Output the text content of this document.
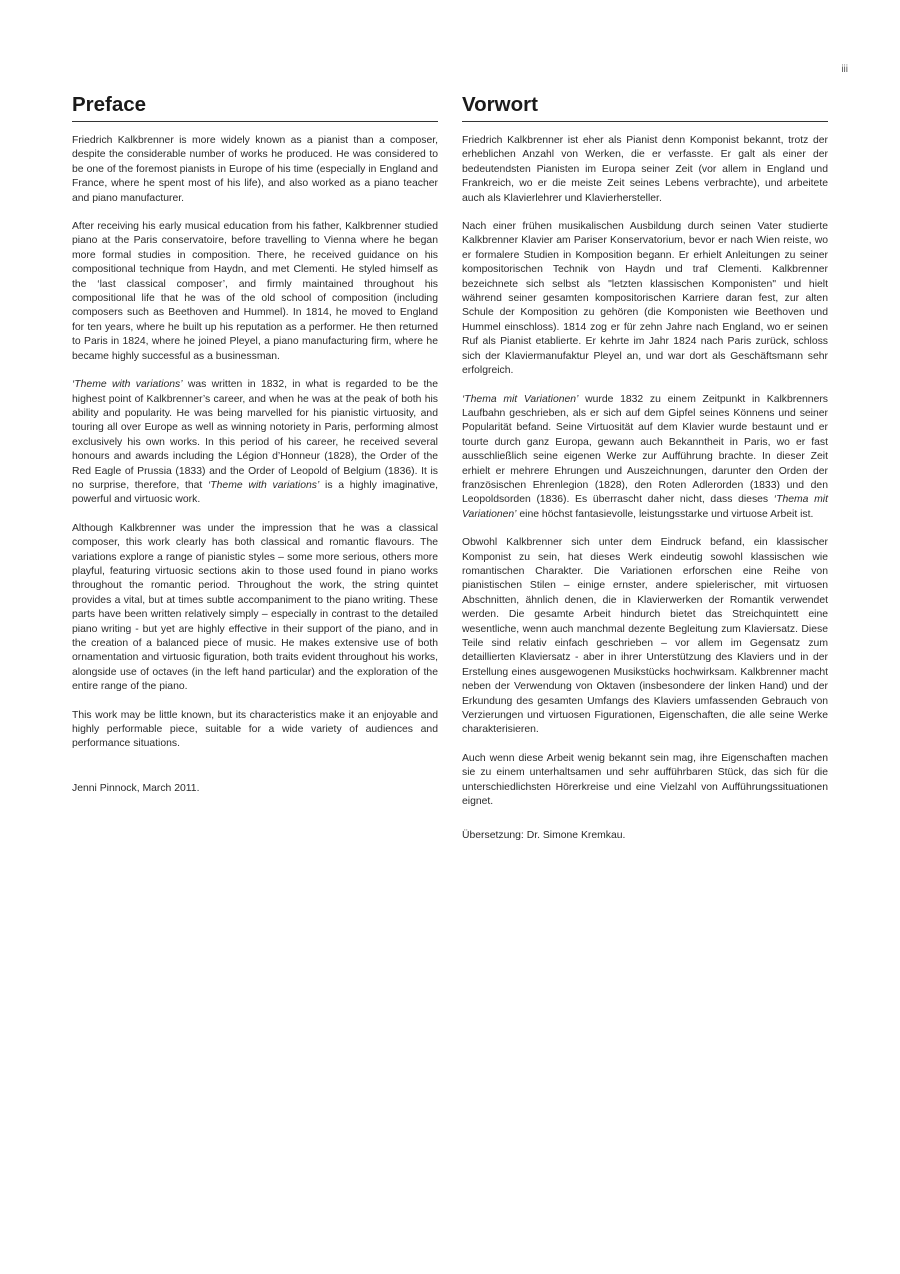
iii
Preface

Friedrich Kalkbrenner is more widely known as a pianist than a composer, despite the considerable number of works he produced. He was considered to be one of the foremost pianists in Europe of his time (especially in England and France, where he spent most of his life), and also worked as a piano teacher and piano manufacturer.

After receiving his early musical education from his father, Kalkbrenner studied piano at the Paris conservatoire, before travelling to Vienna where he began more formal studies in composition. There, he received guidance on his compositional technique from Haydn, and met Clementi. He styled himself as the ‘last classical composer’, and firmly maintained throughout his compositional life that he was of the old school of composition (including composers such as Beethoven and Hummel). In 1814, he moved to England for ten years, where he built up his reputation as a performer. He then returned to Paris in 1824, where he joined Pleyel, a piano manufacturing firm, where he became highly successful as a businessman.

‘Theme with variations’ was written in 1832, in what is regarded to be the highest point of Kalkbrenner’s career, and when he was at the peak of both his ability and popularity. He was being marvelled for his pianistic virtuosity, and touring all over Europe as well as winning notoriety in Paris, performing almost exclusively his own works. In this period of his career, he received several honours and awards including the Légion d’Honneur (1828), the Order of the Red Eagle of Prussia (1833) and the Order of Leopold of Belgium (1836). It is no surprise, therefore, that ‘Theme with variations’ is a highly imaginative, powerful and virtuosic work.

Although Kalkbrenner was under the impression that he was a classical composer, this work clearly has both classical and romantic flavours. The variations explore a range of pianistic styles – some more serious, others more playful, featuring virtuosic sections akin to those used found in piano works throughout the romantic period. Throughout the work, the string quintet provides a vital, but at times subtle accompaniment to the piano writing. These parts have been written relatively simply – especially in contrast to the detailed piano writing - but yet are highly effective in their support of the piano, and in the creation of a balanced piece of music. He makes extensive use of both ornamentation and virtuosic figuration, both traits evident throughout his works, alongside use of octaves (in the left hand particular) and the exploration of the entire range of the piano.

This work may be little known, but its characteristics make it an enjoyable and highly performable piece, suitable for a wide variety of audiences and performance situations.

Jenni Pinnock, March 2011.
Vorwort

Friedrich Kalkbrenner ist eher als Pianist denn Komponist bekannt, trotz der erheblichen Anzahl von Werken, die er verfasste. Er galt als einer der bedeutendsten Pianisten im Europa seiner Zeit (vor allem in England und Frankreich, wo er die meiste Zeit seines Lebens verbrachte), und arbeitete auch als Klavierlehrer und Klavierhersteller.

Nach einer frühen musikalischen Ausbildung durch seinen Vater studierte Kalkbrenner Klavier am Pariser Konservatorium, bevor er nach Wien reiste, wo er formalere Studien in Komposition begann. Er erhielt Anleitungen zu seiner kompositorischen Technik von Haydn und traf Clementi. Kalkbrenner bezeichnete sich selbst als "letzten klassischen Komponisten" und hielt während seiner gesamten kompositorischen Karriere daran fest, zur alten Schule der Komposition zu gehören (die Komponisten wie Beethoven und Hummel einschloss). 1814 zog er für zehn Jahre nach England, wo er seinen Ruf als Pianist etablierte. Er kehrte im Jahr 1824 nach Paris zurück, schloss sich der Klaviermanufaktur Pleyel an, und war dort als Geschäftsmann sehr erfolgreich.

‘Thema mit Variationen’ wurde 1832 zu einem Zeitpunkt in Kalkbrenners Laufbahn geschrieben, als er sich auf dem Gipfel seines Könnens und seiner Popularität befand. Seine Virtuosität auf dem Klavier wurde bestaunt und er tourte durch ganz Europa, gewann auch Bekanntheit in Paris, wo er fast ausschließlich seine eigenen Werke zur Aufführung brachte. In dieser Zeit erhielt er mehrere Ehrungen und Auszeichnungen, darunter den Orden der französischen Ehrenlegion (1828), den Roten Adlerorden (1833) und den Leopoldsorden (1836). Es überrascht daher nicht, dass dieses ‘Thema mit Variationen’ eine höchst fantasievolle, leistungsstarke und virtuose Arbeit ist.

Obwohl Kalkbrenner sich unter dem Eindruck befand, ein klassischer Komponist zu sein, hat dieses Werk eindeutig sowohl klassischen wie romantischen Charakter. Die Variationen erforschen eine Reihe von pianistischen Stilen – einige ernster, andere spielerischer, mit virtuosen Abschnitten, ähnlich denen, die in Klavierwerken der Romantik verwendet werden. Die gesamte Arbeit hindurch bietet das Streichquintett eine wesentliche, wenn auch manchmal dezente Begleitung zum Klaviersatz. Diese Teile sind relativ einfach geschrieben – vor allem im Gegensatz zum detaillierten Klaviersatz - aber in ihrer Unterstützung des Klaviers und in der Erstellung eines ausgewogenen Musikstücks hochwirksam. Kalkbrenner macht neben der Verwendung von Oktaven (insbesondere der linken Hand) und der Erkundung des gesamten Umfangs des Klaviers umfassenden Gebrauch von Verzierungen und virtuosen Figurationen, Eigenschaften, die alle seine Werke charakterisieren.

Auch wenn diese Arbeit wenig bekannt sein mag, ihre Eigenschaften machen sie zu einem unterhaltsamen und sehr aufführbaren Stück, das sich für die unterschiedlichsten Hörerkreise und eine Vielzahl von Aufführungssituationen eignet.

Übersetzung: Dr. Simone Kremkau.
